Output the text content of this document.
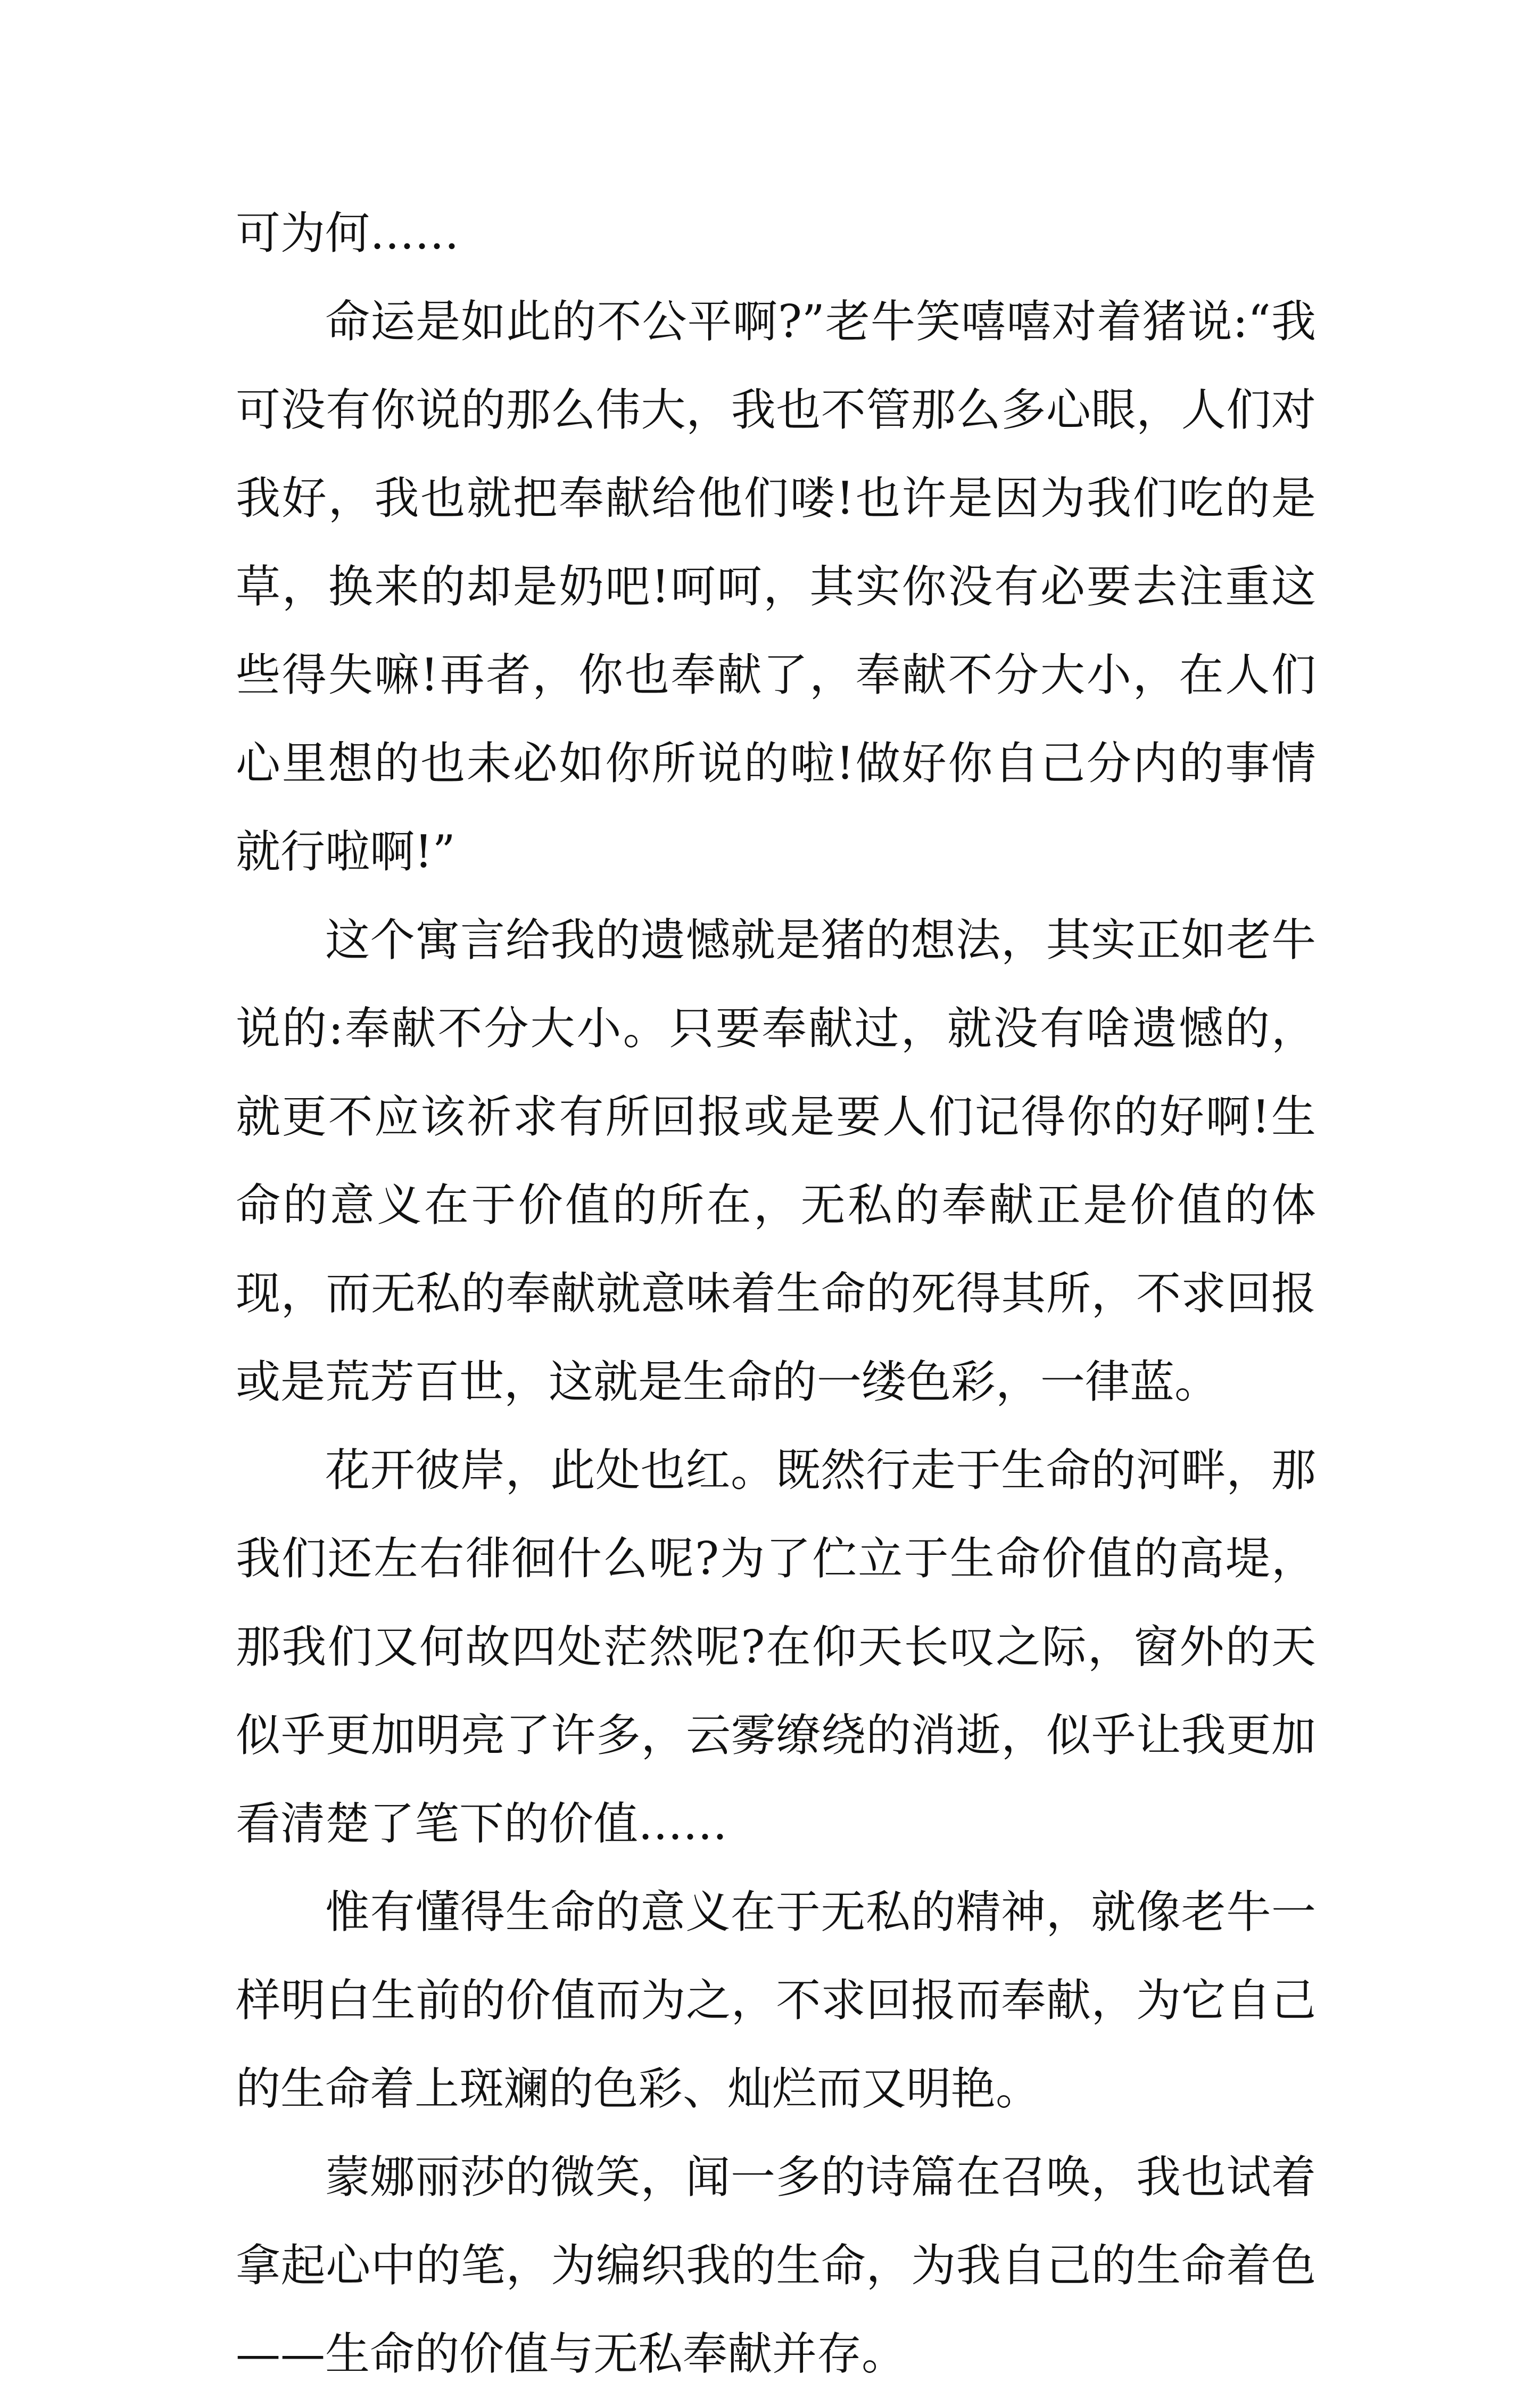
可为何……

命运是如此的不公平啊?”老牛笑嘻嘻对着猪说:“我可没有你说的那么伟大，我也不管那么多心眼，人们对我好，我也就把奉献给他们喽!也许是因为我们吃的是草，换来的却是奶吧!呵呵，其实你没有必要去注重这些得失嘛!再者，你也奉献了，奉献不分大小，在人们心里想的也未必如你所说的啦!做好你自己分内的事情就行啦啊!”

这个寓言给我的遗憾就是猪的想法，其实正如老牛说的:奉献不分大小。只要奉献过，就没有啥遗憾的，就更不应该祈求有所回报或是要人们记得你的好啊!生命的意义在于价值的所在，无私的奉献正是价值的体现，而无私的奉献就意味着生命的死得其所，不求回报或是荒芳百世，这就是生命的一缕色彩，一律蓝。

花开彼岸，此处也红。既然行走于生命的河畔，那我们还左右徘徊什么呢?为了伫立于生命价值的高堤，那我们又何故四处茫然呢?在仰天长叹之际，窗外的天似乎更加明亮了许多，云雾缭绕的消逝，似乎让我更加看清楚了笔下的价值……

惟有懂得生命的意义在于无私的精神，就像老牛一样明白生前的价值而为之，不求回报而奉献，为它自己的生命着上斑斓的色彩、灿烂而又明艳。

蒙娜丽莎的微笑，闻一多的诗篇在召唤，我也试着拿起心中的笔，为编织我的生命，为我自己的生命着色——生命的价值与无私奉献并存。
